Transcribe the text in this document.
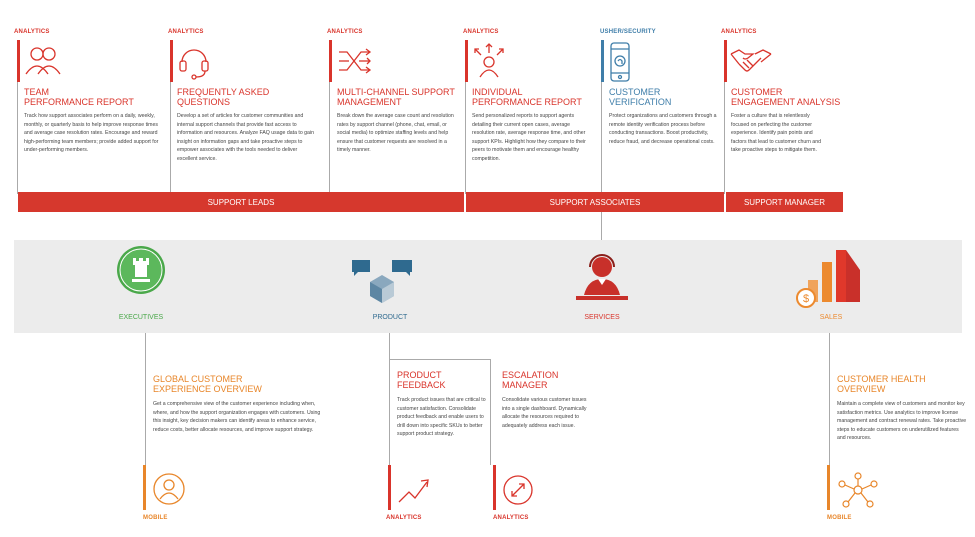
ANALYTICS
TEAM
PERFORMANCE REPORT
Track how support associates perform on a daily, weekly, monthly, or quarterly basis to help improve response times and average case resolution rates. Encourage and reward high-performing team members; provide added support for under-performing members.
ANALYTICS
FREQUENTLY ASKED
QUESTIONS
Develop a set of articles for customer communities and internal support channels that provide fast access to information and resources. Analyze FAQ usage data to gain insight on information gaps and take proactive steps to empower associates with the tools needed to deliver excellent service.
ANALYTICS
MULTI-CHANNEL SUPPORT
MANAGEMENT
Break down the average case count and resolution rates by support channel (phone, chat, email, or social media) to optimize staffing levels and help ensure that customer requests are resolved in a timely manner.
ANALYTICS
INDIVIDUAL
PERFORMANCE REPORT
Send personalized reports to support agents detailing their current open cases, average resolution rate, average response time, and other support KPIs. Highlight how they compare to their peers to motivate them and encourage healthy competition.
USHER/SECURITY
CUSTOMER
VERIFICATION
Protect organizations and customers through a remote identity verification process before conducting transactions. Boost productivity, reduce fraud, and decrease operational costs.
ANALYTICS
CUSTOMER
ENGAGEMENT ANALYSIS
Foster a culture that is relentlessly focused on perfecting the customer experience. Identify pain points and factors that lead to customer churn and take proactive steps to mitigate them.
SUPPORT LEADS	SUPPORT ASSOCIATES	SUPPORT MANAGER
EXECUTIVES	PRODUCT	SERVICES
$
SALES
GLOBAL CUSTOMER
EXPERIENCE OVERVIEW
Get a comprehensive view of the customer experience including when, where, and how the support organization engages with customers. Using this insight, key decision makers can identify areas to enhance service, reduce costs, better allocate resources, and improve support strategy.
MOBILE
PRODUCT
FEEDBACK
Track product issues that are critical to customer satisfaction. Consolidate product feedback and enable users to drill down into specific SKUs to better support product strategy.
ANALYTICS
ESCALATION
MANAGER
Consolidate various customer issues into a single dashboard. Dynamically allocate the resources required to adequately address each issue.
ANALYTICS
CUSTOMER HEALTH
OVERVIEW
Maintain a complete view of customers and monitor key satisfaction metrics. Use analytics to improve license management and contract renewal rates. Take proactive steps to educate customers on underutilized features and resources.
MOBILE
